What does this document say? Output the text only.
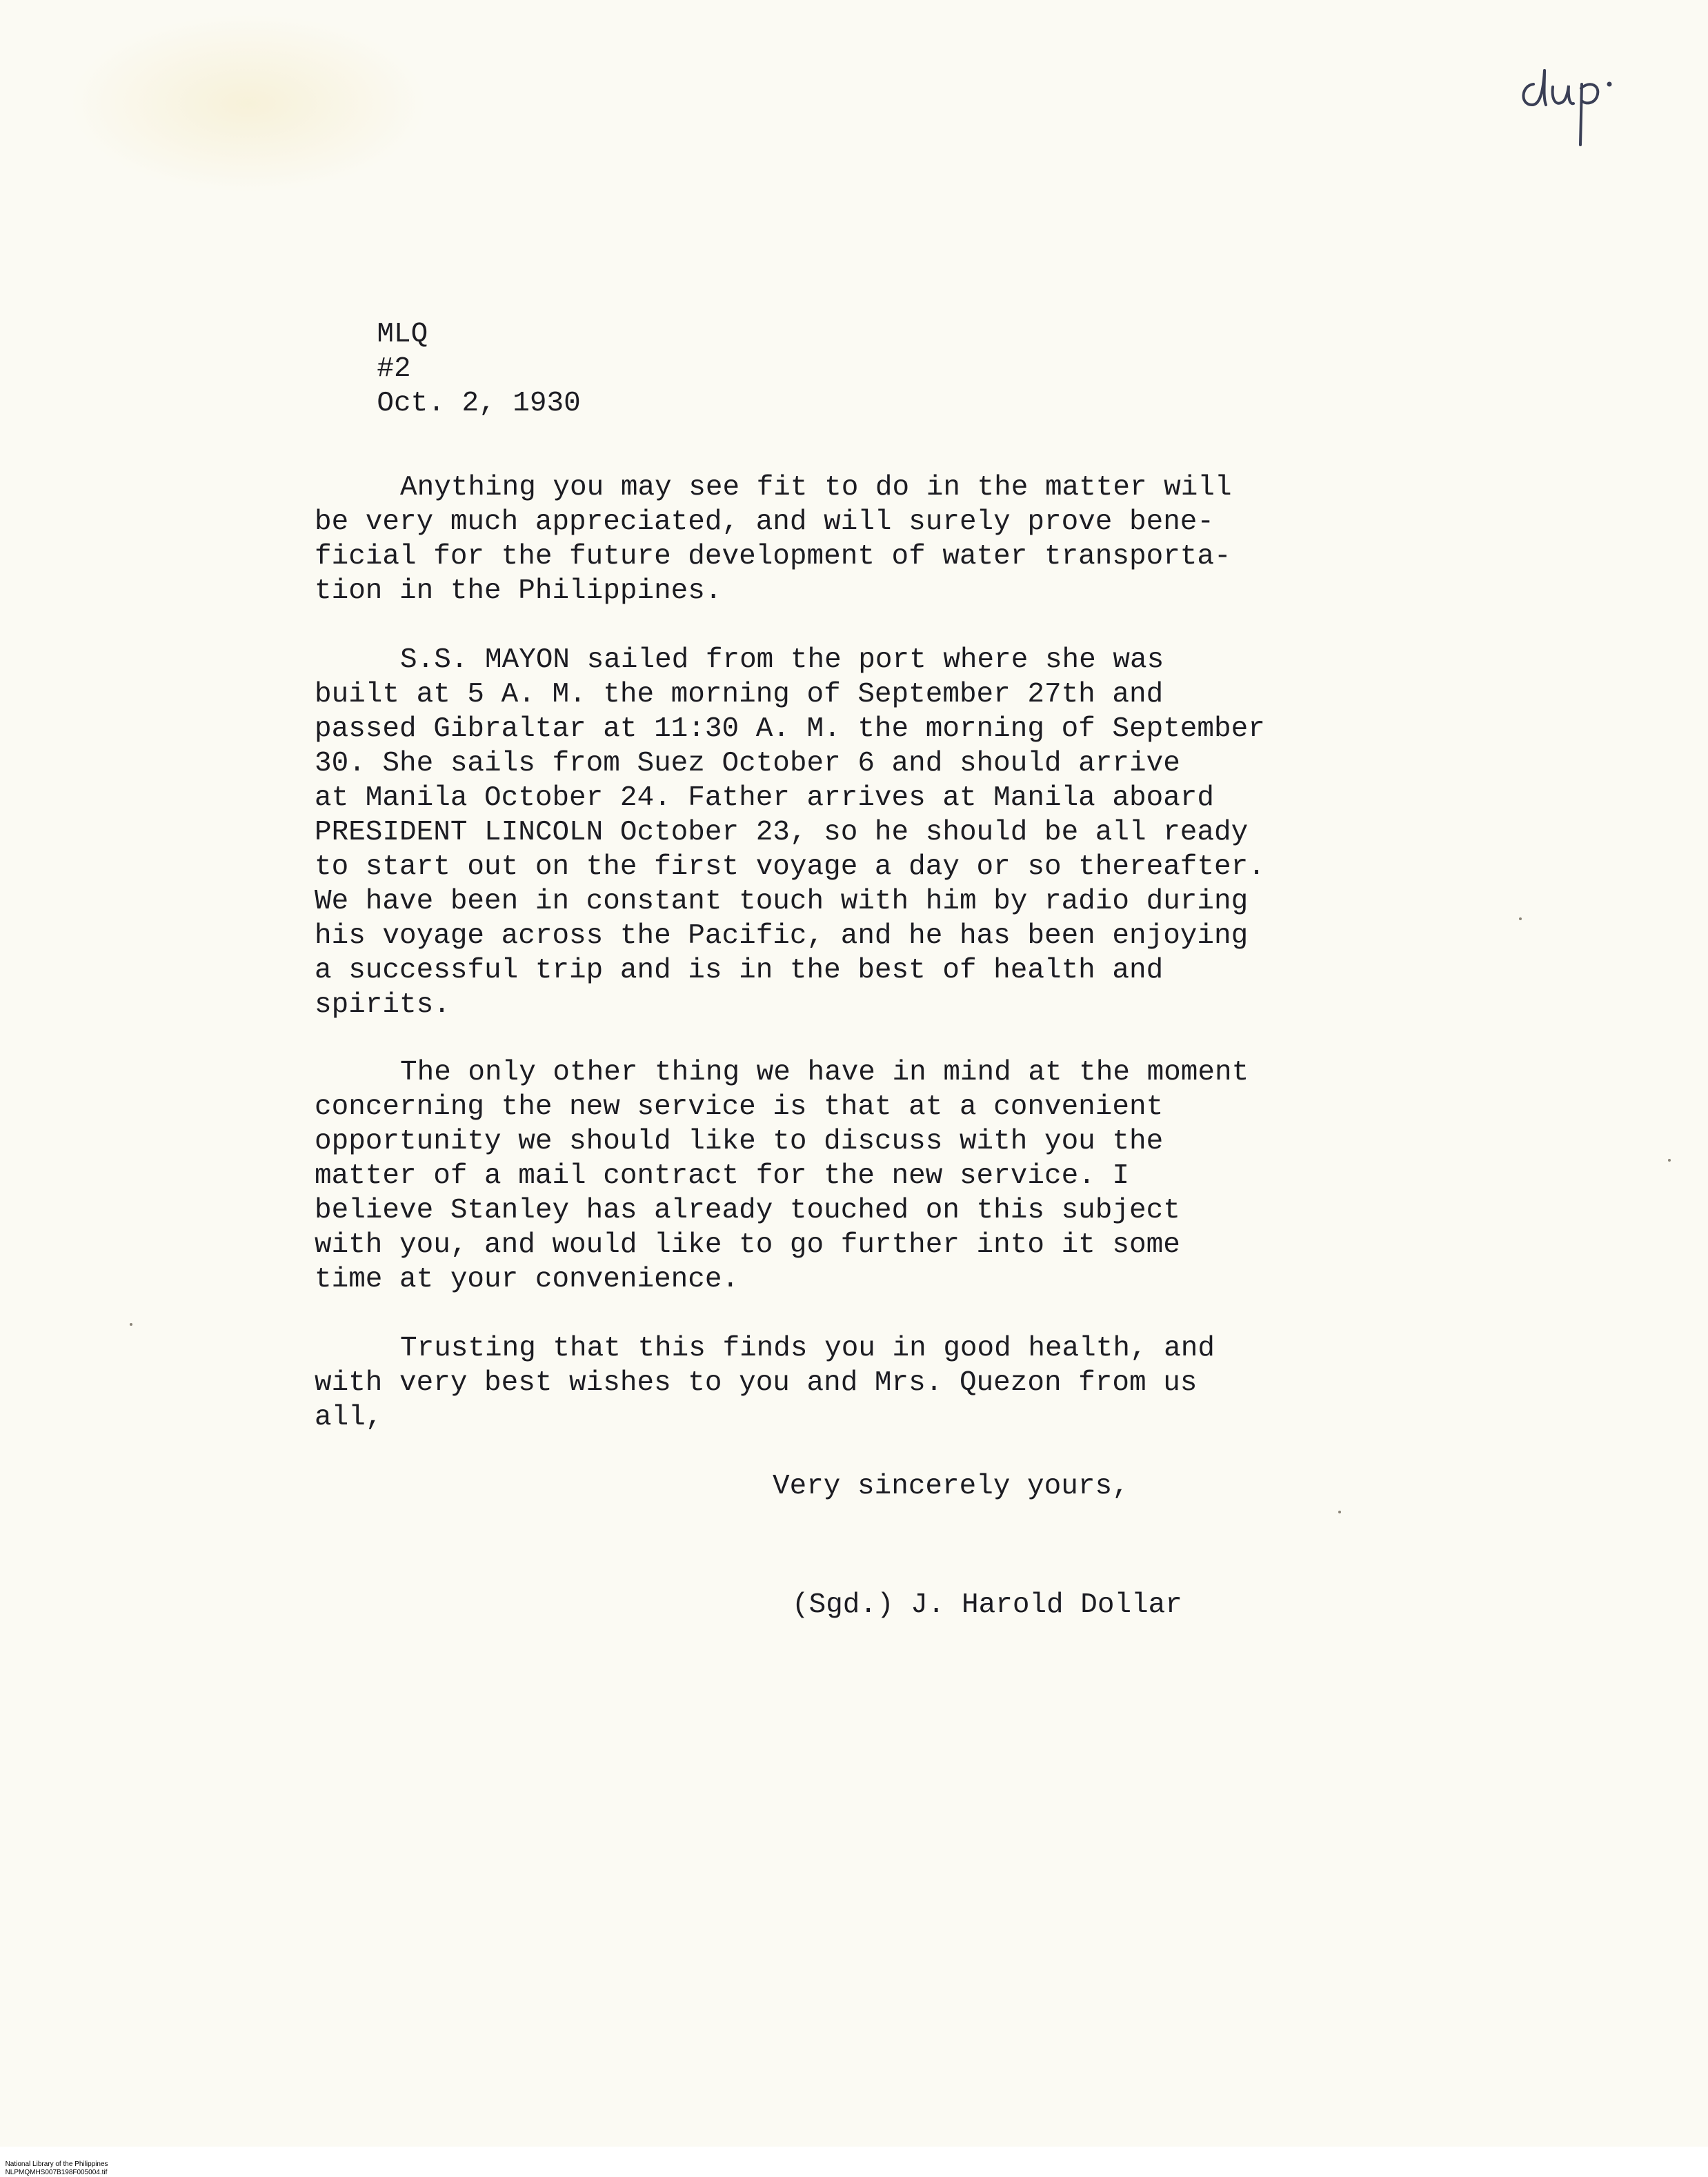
MLQ
#2
Oct. 2, 1930

Anything you may see fit to do in the matter will
be very much appreciated, and will surely prove bene-
ficial for the future development of water transporta-
tion in the Philippines.

S.S. MAYON sailed from the port where she was
built at 5 A. M. the morning of September 27th and
passed Gibraltar at 11:30 A. M. the morning of September
30. She sails from Suez October 6 and should arrive
at Manila October 24. Father arrives at Manila aboard
PRESIDENT LINCOLN October 23, so he should be all ready
to start out on the first voyage a day or so thereafter.
We have been in constant touch with him by radio during
his voyage across the Pacific, and he has been enjoying
a successful trip and is in the best of health and
spirits.

The only other thing we have in mind at the moment
concerning the new service is that at a convenient
opportunity we should like to discuss with you the
matter of a mail contract for the new service. I
believe Stanley has already touched on this subject
with you, and would like to go further into it some
time at your convenience.

Trusting that this finds you in good health, and
with very best wishes to you and Mrs. Quezon from us
all,

Very sincerely yours,
(Sgd.) J. Harold Dollar

National Library of the Philippines
NLPMQMHS007B198F005004.tif
